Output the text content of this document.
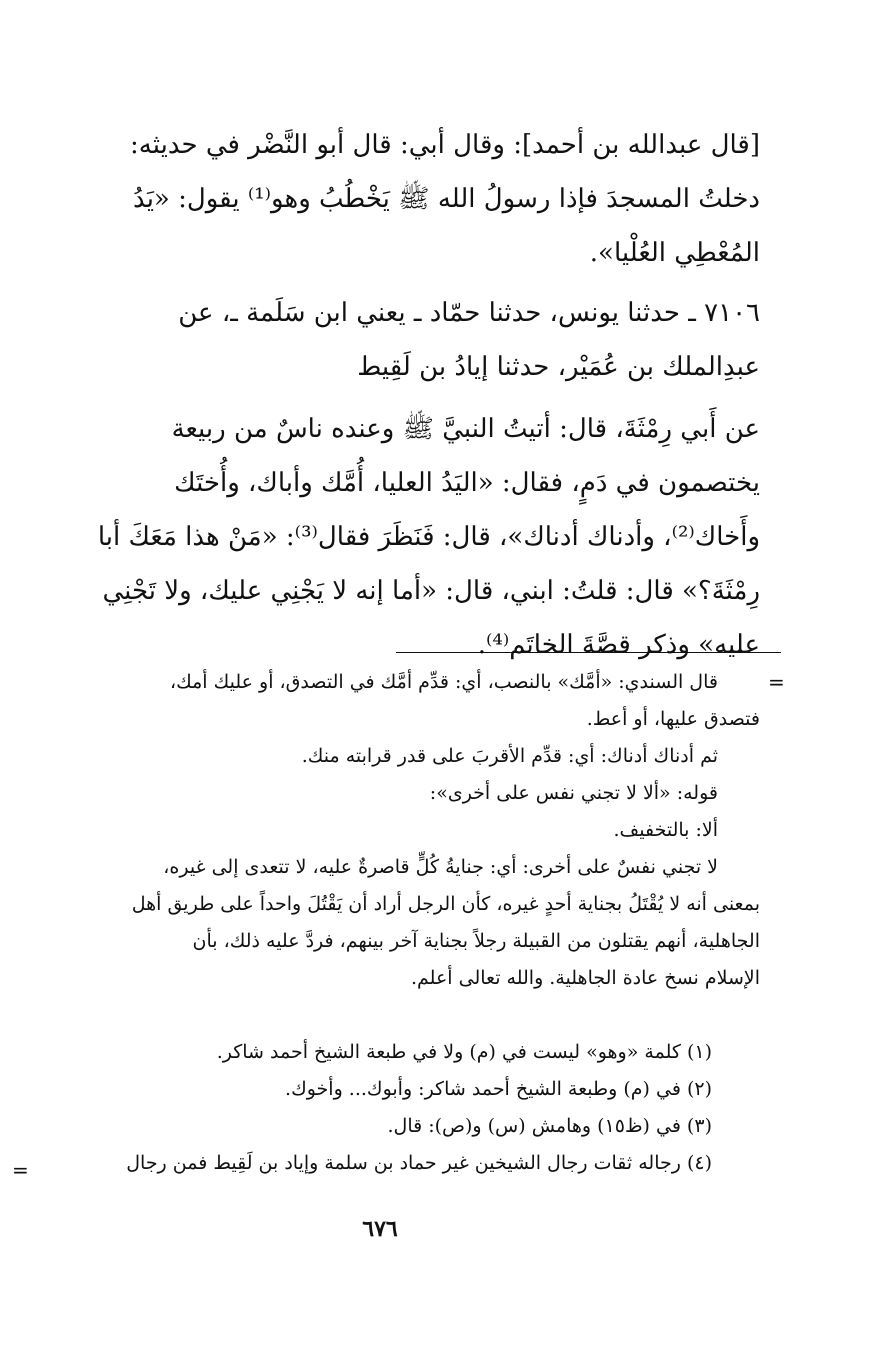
[قال عبدالله بن أحمد]: وقال أبي: قال أبو النَّضْر في حديثه:

دخلتُ المسجدَ فإذا رسولُ الله ﷺ يَخْطُبُ وهو⁽¹⁾ يقول: «يَدُ

المُعْطِي العُلْيا».

٧١٠٦ ـ حدثنا يونس، حدثنا حمّاد ـ يعني ابن سَلَمة ـ، عن

عبدِالملك بن عُمَيْر، حدثنا إيادُ بن لَقِيط

عن أَبي رِمْثَةَ، قال: أتيتُ النبيَّ ﷺ وعنده ناسٌ من ربيعة

يختصمون في دَمٍ، فقال: «اليَدُ العليا، أُمَّك وأباك، وأُختَك

وأَخاك⁽²⁾، وأدناك أدناك»، قال: فَنَظَرَ فقال⁽³⁾: «مَنْ هذا مَعَكَ أبا

رِمْثَةَ؟» قال: قلتُ: ابني، قال: «أما إنه لا يَجْنِي عليك، ولا تَجْنِي

عليه» وذكر قصَّةَ الخاتَم⁽⁴⁾.

=

قال السندي: «أمَّك» بالنصب، أي: قدِّم أمَّك في التصدق، أو عليك أمك،

فتصدق عليها، أو أعط.

ثم أدناك أدناك: أي: قدِّم الأقربَ على قدر قرابته منك.

قوله: «ألا لا تجني نفس على أخرى»:

ألا: بالتخفيف.

لا تجني نفسٌ على أخرى: أي: جنايةُ كُلٍّ قاصرةٌ عليه، لا تتعدى إلى غيره،

بمعنى أنه لا يُقْتَلُ بجناية أحدٍ غيره، كأن الرجل أراد أن يَقْتُلَ واحداً على طريق أهل

الجاهلية، أنهم يقتلون من القبيلة رجلاً بجناية آخر بينهم، فردَّ عليه ذلك، بأن

الإسلام نسخ عادة الجاهلية. والله تعالى أعلم.

(١) كلمة «وهو» ليست في (م) ولا في طبعة الشيخ أحمد شاكر.

(٢) في (م) وطبعة الشيخ أحمد شاكر: وأبوك... وأخوك.

(٣) في (ظ١٥) وهامش (س) و(ص): قال.

(٤) رجاله ثقات رجال الشيخين غير حماد بن سلمة وإياد بن لَقِيط فمن رجال

=
٦٧٦
